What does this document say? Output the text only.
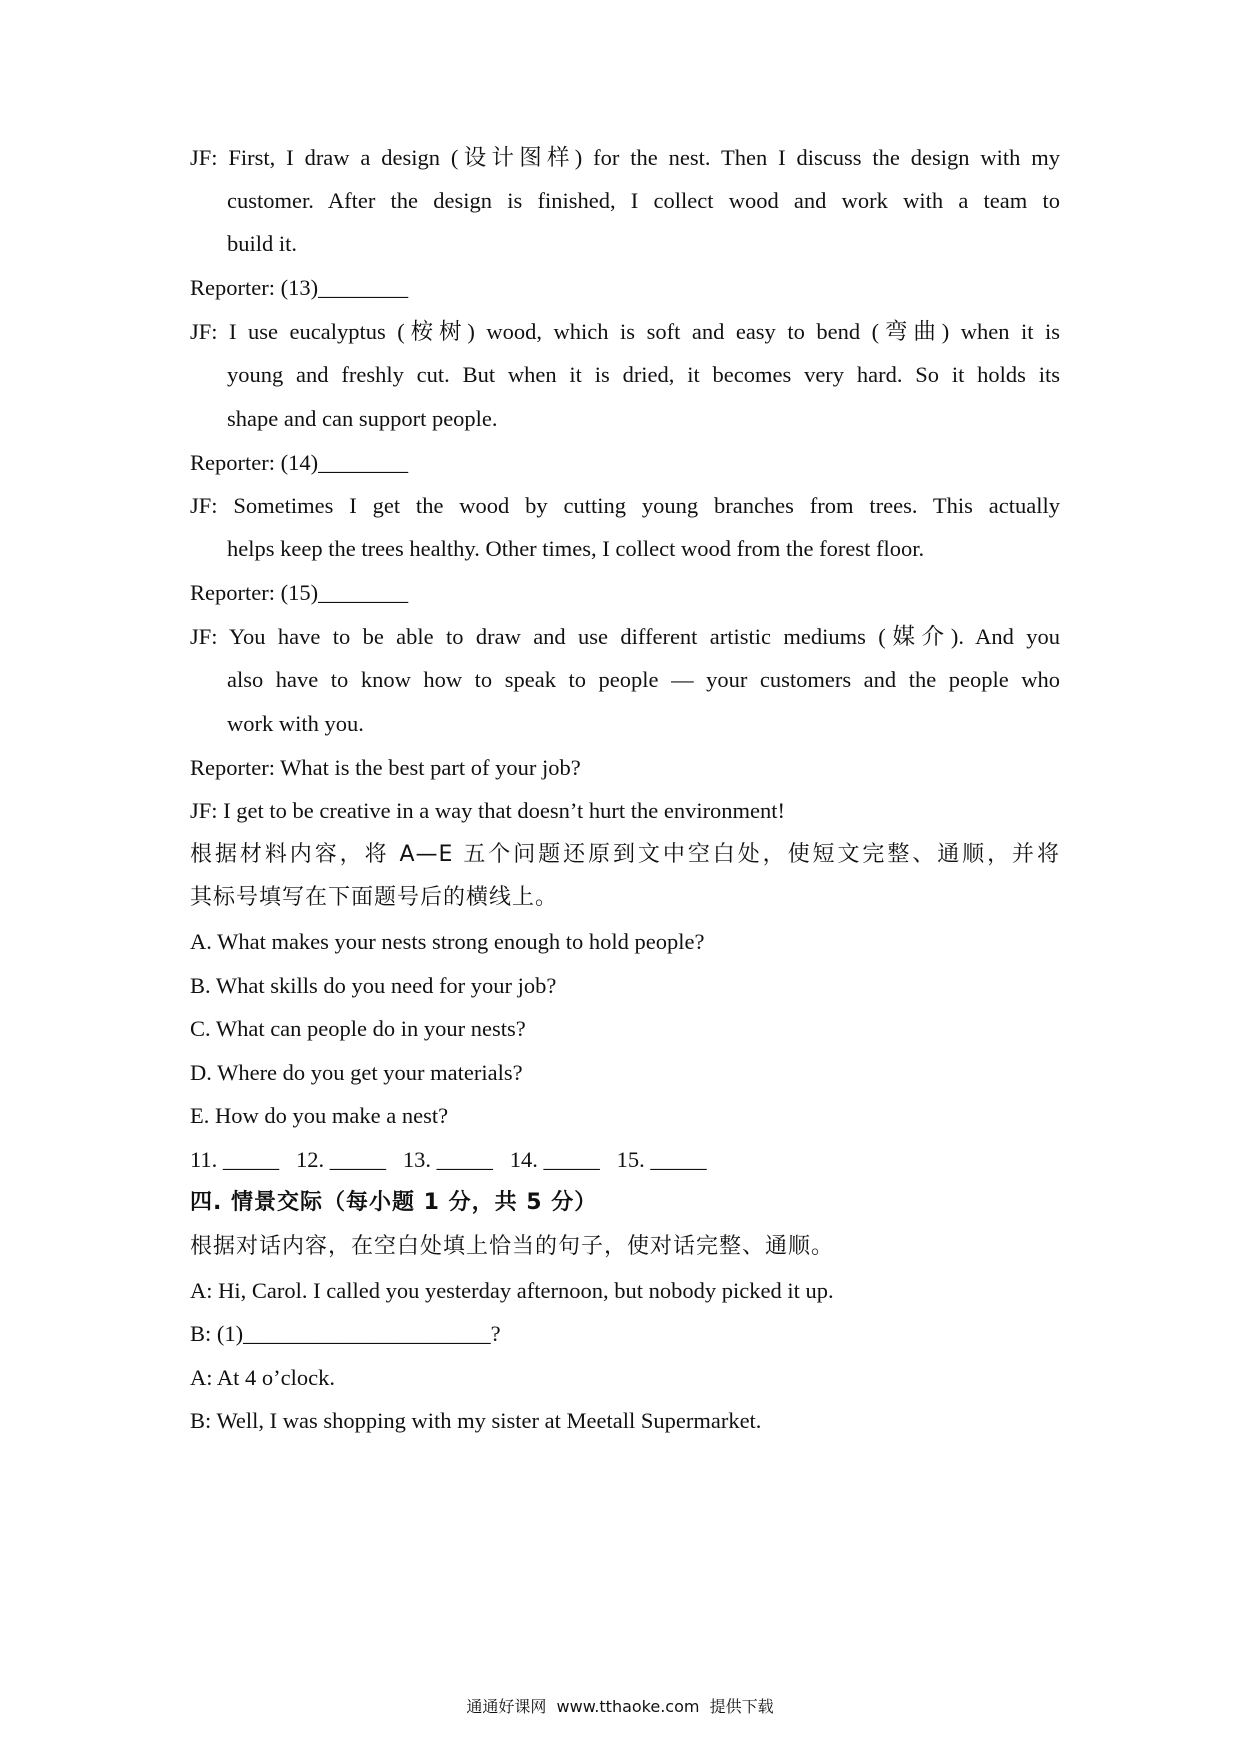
JF: First, I draw a design (设计图样) for the nest. Then I discuss the design with my
customer. After the design is finished, I collect wood and work with a team to
build it.
Reporter: (13)________
JF: I use eucalyptus (桉树) wood, which is soft and easy to bend (弯曲) when it is
young and freshly cut. But when it is dried, it becomes very hard. So it holds its
shape and can support people.
Reporter: (14)________
JF: Sometimes I get the wood by cutting young branches from trees. This actually
helps keep the trees healthy. Other times, I collect wood from the forest floor.
Reporter: (15)________
JF: You have to be able to draw and use different artistic mediums (媒介). And you
also have to know how to speak to people — your customers and the people who
work with you.
Reporter: What is the best part of your job?
JF: I get to be creative in a way that doesn’t hurt the environment!
根据材料内容，将 A—E 五个问题还原到文中空白处，使短文完整、通顺，并将
其标号填写在下面题号后的横线上。
A. What makes your nests strong enough to hold people?
B. What skills do you need for your job?
C. What can people do in your nests?
D. Where do you get your materials?
E. How do you make a nest?
11. _____   12. _____   13. _____   14. _____   15. _____
四. 情景交际（每小题 1 分，共 5 分）
根据对话内容，在空白处填上恰当的句子，使对话完整、通顺。
A: Hi, Carol. I called you yesterday afternoon, but nobody picked it up.
B: (1)______________________?
A: At 4 o’clock.
B: Well, I was shopping with my sister at Meetall Supermarket.
通通好课网  www.tthaoke.com  提供下载
